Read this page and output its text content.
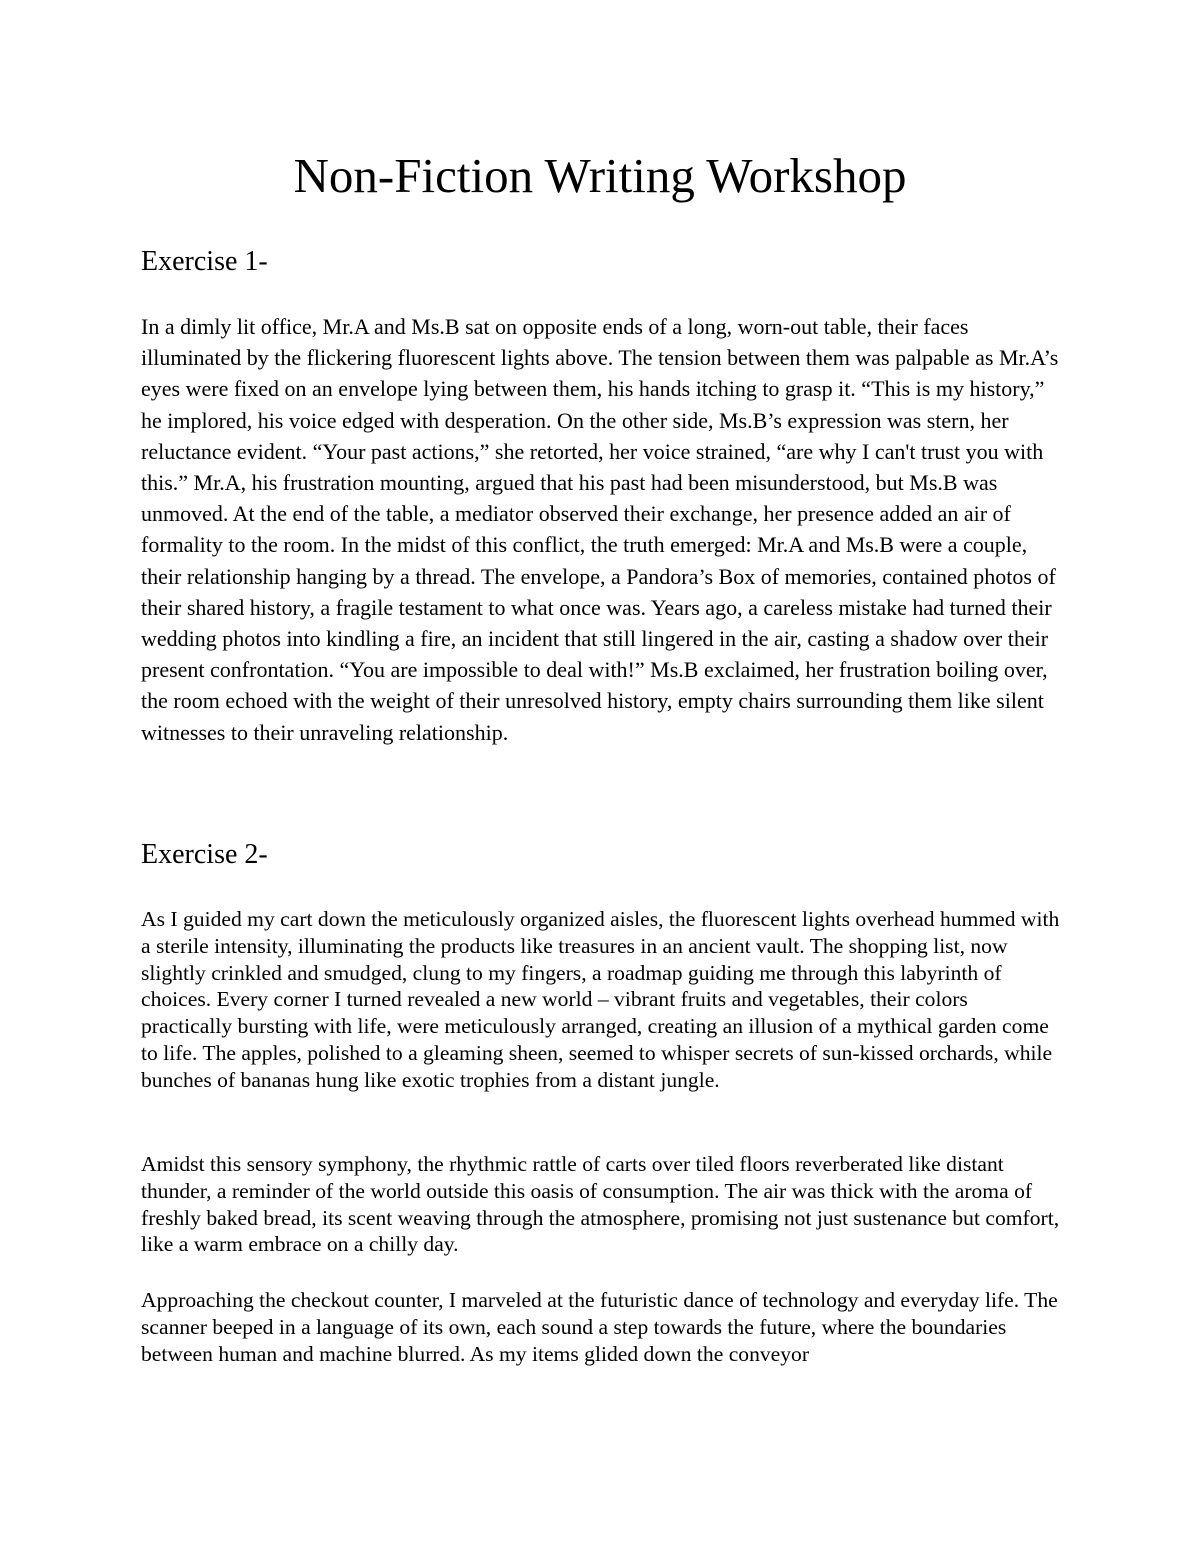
Non-Fiction Writing Workshop
Exercise 1-

In a dimly lit office, Mr.A and Ms.B sat on opposite ends of a long, worn-out table, their faces illuminated by the flickering fluorescent lights above. The tension between them was palpable as Mr.A’s eyes were fixed on an envelope lying between them, his hands itching to grasp it. “This is my history,” he implored, his voice edged with desperation. On the other side, Ms.B’s expression was stern, her reluctance evident. “Your past actions,” she retorted, her voice strained, “are why I can't trust you with this.” Mr.A, his frustration mounting, argued that his past had been misunderstood, but Ms.B was unmoved. At the end of the table, a mediator observed their exchange, her presence added an air of formality to the room. In the midst of this conflict, the truth emerged: Mr.A and Ms.B were a couple, their relationship hanging by a thread. The envelope, a Pandora’s Box of memories, contained photos of their shared history, a fragile testament to what once was. Years ago, a careless mistake had turned their wedding photos into kindling a fire, an incident that still lingered in the air, casting a shadow over their present confrontation. “You are impossible to deal with!” Ms.B exclaimed, her frustration boiling over, the room echoed with the weight of their unresolved history, empty chairs surrounding them like silent witnesses to their unraveling relationship.

Exercise 2-

As I guided my cart down the meticulously organized aisles, the fluorescent lights overhead hummed with a sterile intensity, illuminating the products like treasures in an ancient vault. The shopping list, now slightly crinkled and smudged, clung to my fingers, a roadmap guiding me through this labyrinth of choices. Every corner I turned revealed a new world – vibrant fruits and vegetables, their colors practically bursting with life, were meticulously arranged, creating an illusion of a mythical garden come to life. The apples, polished to a gleaming sheen, seemed to whisper secrets of sun-kissed orchards, while bunches of bananas hung like exotic trophies from a distant jungle.

Amidst this sensory symphony, the rhythmic rattle of carts over tiled floors reverberated like distant thunder, a reminder of the world outside this oasis of consumption. The air was thick with the aroma of freshly baked bread, its scent weaving through the atmosphere, promising not just sustenance but comfort, like a warm embrace on a chilly day.

Approaching the checkout counter, I marveled at the futuristic dance of technology and everyday life. The scanner beeped in a language of its own, each sound a step towards the future, where the boundaries between human and machine blurred. As my items glided down the conveyor
